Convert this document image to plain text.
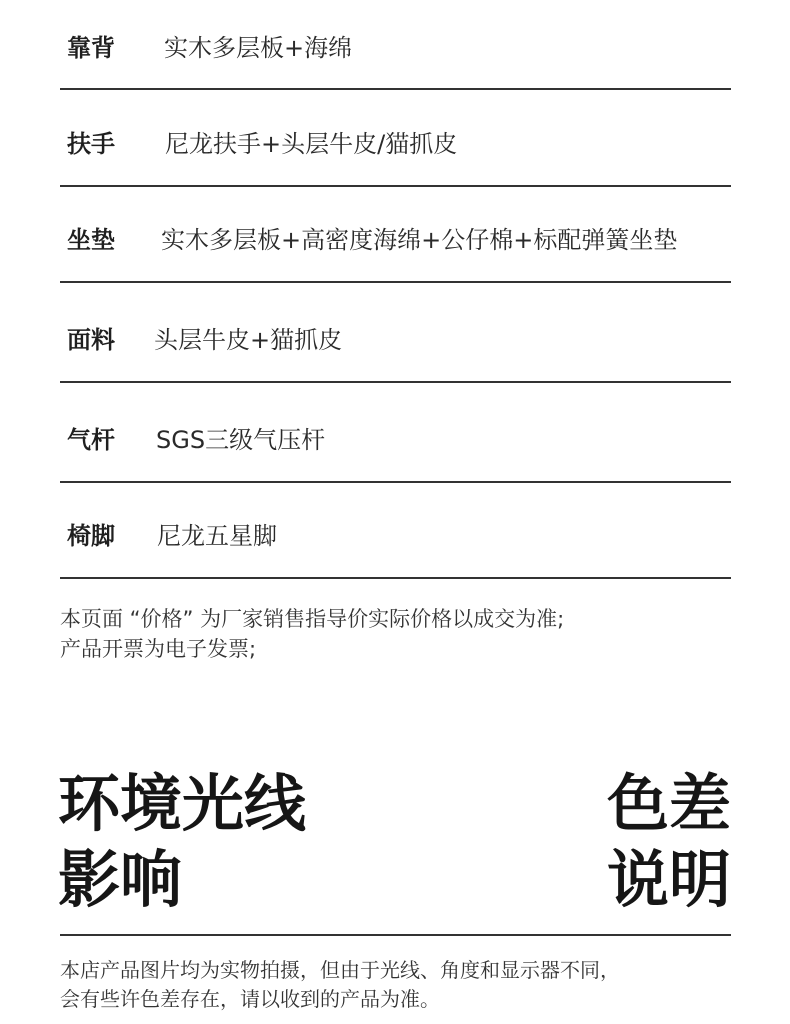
靠背 实木多层板+海绵
扶手 尼龙扶手+头层牛皮/猫抓皮
坐垫 实木多层板+高密度海绵+公仔棉+标配弹簧坐垫
面料 头层牛皮+猫抓皮
气杆 SGS三级气压杆
椅脚 尼龙五星脚
本页面 “价格” 为厂家销售指导价实际价格以成交为准;
产品开票为电子发票;
环境光线
影响
色差
说明
本店产品图片均为实物拍摄，但由于光线、角度和显示器不同，
会有些许色差存在，请以收到的产品为准。
